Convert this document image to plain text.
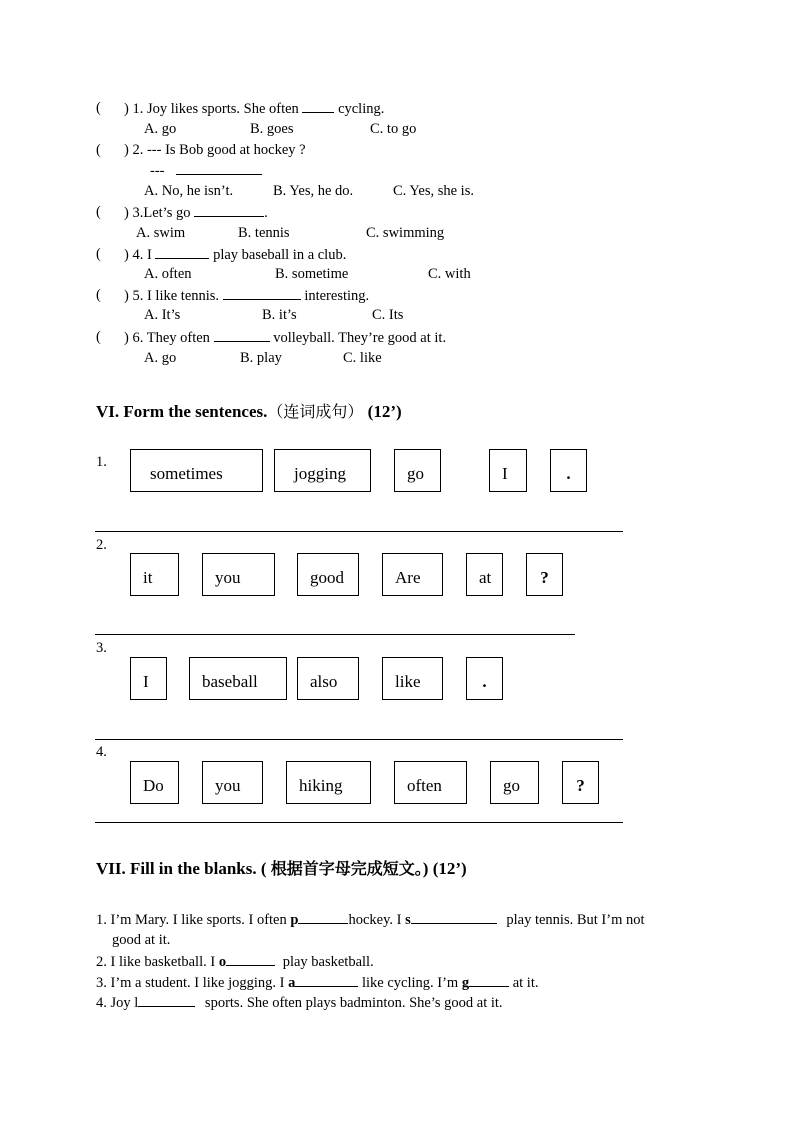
( ) 1. Joy likes sports. She often	cycling.
A. go	B. goes	C. to go
( ) 2. --- Is Bob good at hockey ?
---
A. No, he isn’t.	B. Yes, he do.	C. Yes, she is.
( ) 3.Let’s go	.
A. swim	B. tennis	C. swimming
( ) 4. I	play baseball in a club.
A. often	B. sometime	C. with
( ) 5. I like tennis.	interesting.
A. It’s	B. it’s	C. Its
( ) 6. They often	volleyball. They’re good at it.
A. go	B. play	C. like
VI. Form the sentences.（连词成句） (12’)
1.
sometimes	jogging	go	I	.
2.
it	you	good	Are	at	?
3.
I	baseball	also	like	.
4.
Do	you	hiking	often	go	?
VII. Fill in the blanks. ( 根据首字母完成短文。) (12’)
1. I’m Mary. I like sports. I often p	hockey. I s	play tennis. But I’m not
good at it.
2. I like basketball. I o	play basketball.
3. I’m a student. I like jogging. I a	like cycling. I’m g	at it.
4. Joy l	sports. She often plays badminton. She’s good at it.
